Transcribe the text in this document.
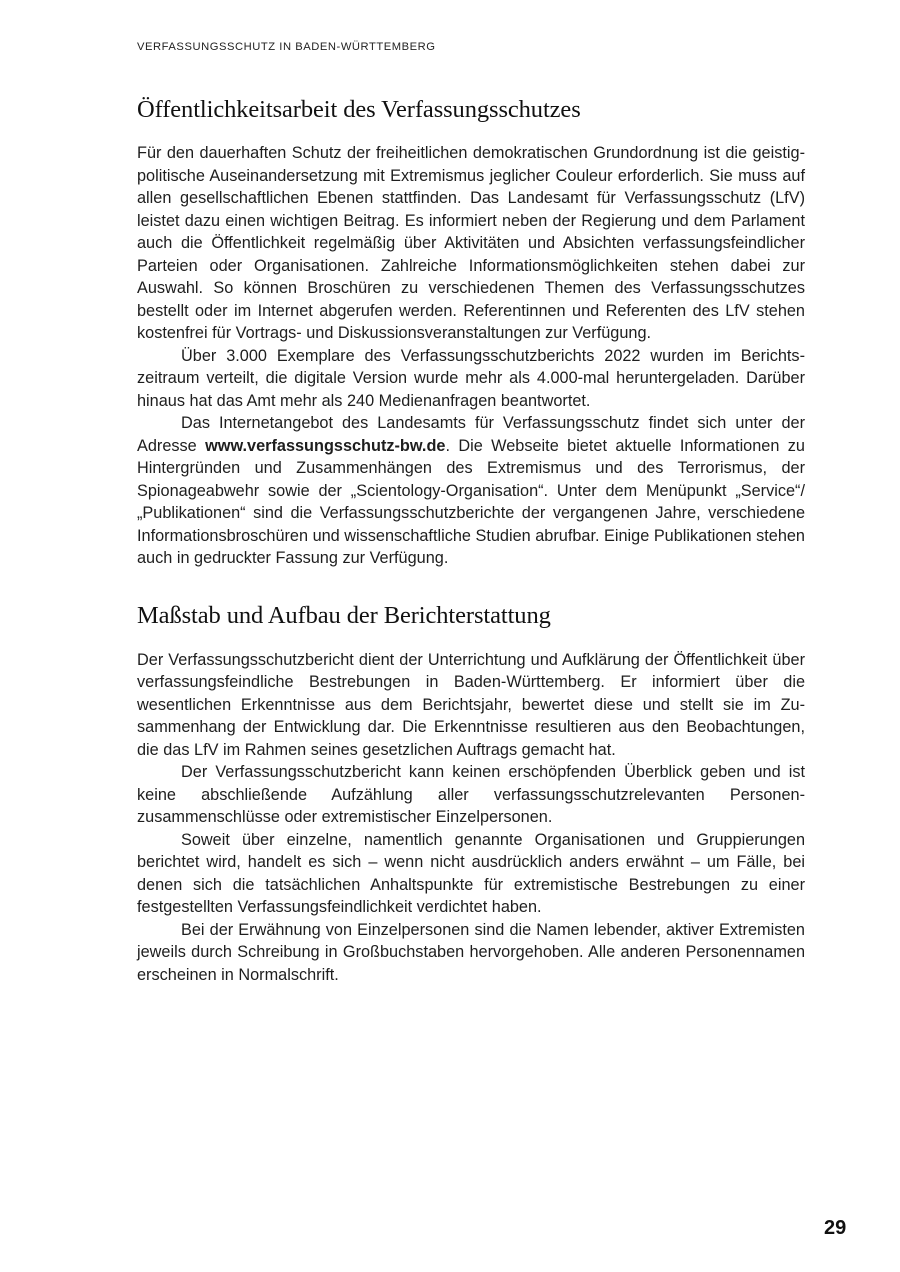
VERFASSUNGSSCHUTZ IN BADEN-WÜRTTEMBERG
Öffentlichkeitsarbeit des Verfassungsschutzes

Für den dauerhaften Schutz der freiheitlichen demokratischen Grundordnung ist die geistig-politische Auseinandersetzung mit Extremismus jeglicher Couleur erforderlich. Sie muss auf allen gesellschaftlichen Ebenen stattfinden. Das Landesamt für Verfassungsschutz (LfV) leistet dazu einen wichtigen Beitrag. Es informiert neben der Regierung und dem Parlament auch die Öffentlichkeit regelmäßig über Aktivitäten und Absichten verfassungsfeindlicher Parteien oder Organisationen. Zahlreiche Informationsmöglichkeiten stehen dabei zur Auswahl. So können Broschüren zu verschiedenen Themen des Verfassungsschutzes bestellt oder im Internet abgerufen werden. Referentinnen und Referenten des LfV stehen kostenfrei für Vortrags- und Diskussionsveranstaltungen zur Verfügung.

Über 3.000 Exemplare des Verfassungsschutzberichts 2022 wurden im Berichtszeitraum verteilt, die digitale Version wurde mehr als 4.000-mal heruntergeladen. Darüber hinaus hat das Amt mehr als 240 Medienanfragen beantwortet.

Das Internetangebot des Landesamts für Verfassungsschutz findet sich unter der Adresse www.verfassungsschutz-bw.de. Die Webseite bietet aktuelle Informationen zu Hintergründen und Zusammenhängen des Extremismus und des Terrorismus, der Spionageabwehr sowie der „Scientology-Organisation“. Unter dem Menüpunkt „Service“/„Publikationen“ sind die Verfassungsschutzberichte der vergangenen Jahre, verschiedene Informationsbroschüren und wissenschaftliche Studien abrufbar. Einige Publikationen stehen auch in gedruckter Fassung zur Verfügung.

Maßstab und Aufbau der Berichterstattung

Der Verfassungsschutzbericht dient der Unterrichtung und Aufklärung der Öffentlichkeit über verfassungsfeindliche Bestrebungen in Baden-Württemberg. Er informiert über die wesentlichen Erkenntnisse aus dem Berichtsjahr, bewertet diese und stellt sie im Zusammenhang der Entwicklung dar. Die Erkenntnisse resultieren aus den Beobachtungen, die das LfV im Rahmen seines gesetzlichen Auftrags gemacht hat.

Der Verfassungsschutzbericht kann keinen erschöpfenden Überblick geben und ist keine abschließende Aufzählung aller verfassungsschutzrelevanten Personenzusammenschlüsse oder extremistischer Einzelpersonen.

Soweit über einzelne, namentlich genannte Organisationen und Gruppierungen berichtet wird, handelt es sich – wenn nicht ausdrücklich anders erwähnt – um Fälle, bei denen sich die tatsächlichen Anhaltspunkte für extremistische Bestrebungen zu einer festgestellten Verfassungsfeindlichkeit verdichtet haben.

Bei der Erwähnung von Einzelpersonen sind die Namen lebender, aktiver Extremisten jeweils durch Schreibung in Großbuchstaben hervorgehoben. Alle anderen Personennamen erscheinen in Normalschrift.

29
